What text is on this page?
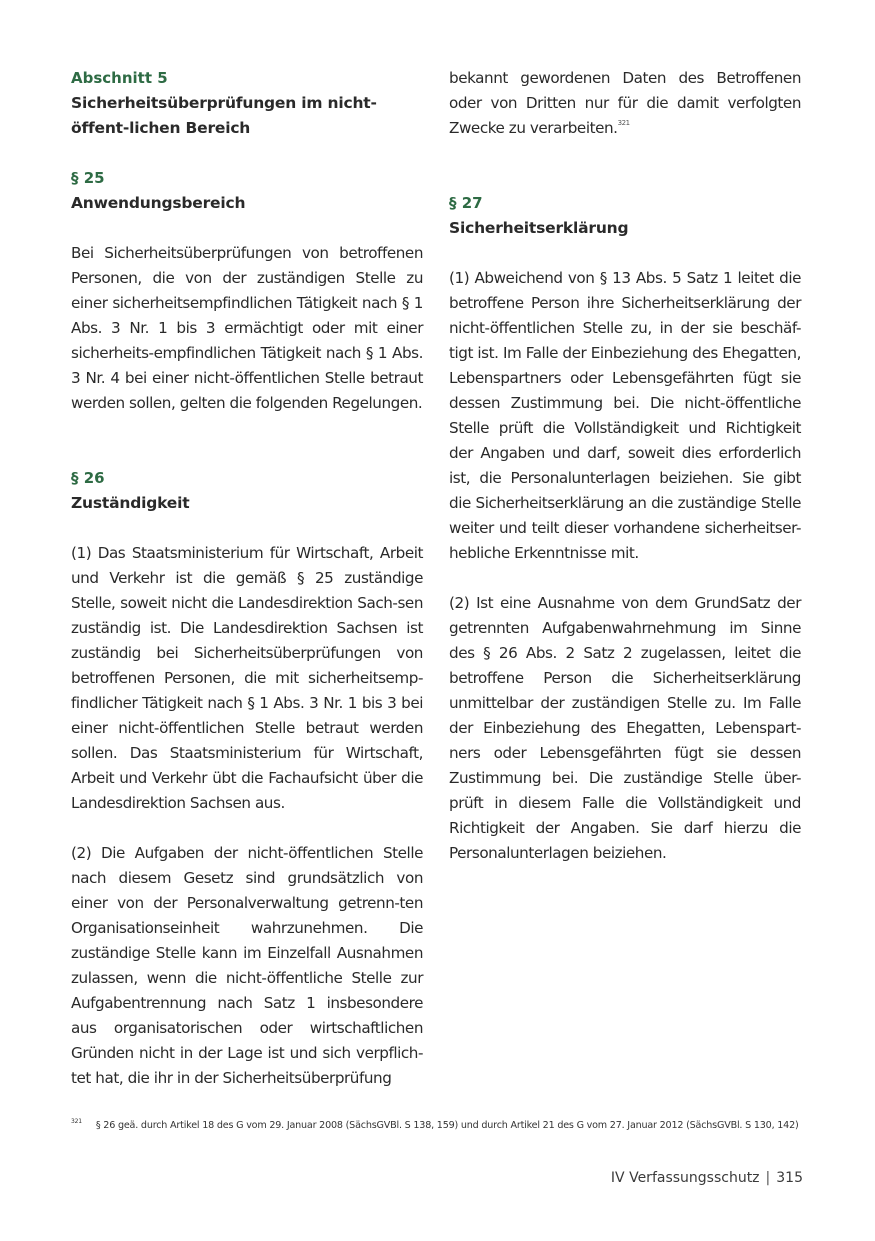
Abschnitt 5
Sicherheitsüberprüfungen im nicht-öffent-lichen Bereich
§ 25
Anwendungsbereich

Bei Sicherheitsüberprüfungen von betroffenen Personen, die von der zuständigen Stelle zu einer sicherheitsempfindlichen Tätigkeit nach § 1 Abs. 3 Nr. 1 bis 3 ermächtigt oder mit einer sicherheits-empfindlichen Tätigkeit nach § 1 Abs. 3 Nr. 4 bei einer nicht-öffentlichen Stelle betraut werden sollen, gelten die folgenden Regelungen.

§ 26
Zuständigkeit

(1) Das Staatsministerium für Wirtschaft, Arbeit und Verkehr ist die gemäß § 25 zuständige Stelle, soweit nicht die Landesdirektion Sach-sen zuständig ist. Die Landesdirektion Sachsen ist zuständig bei Sicherheitsüberprüfungen von betroffenen Personen, die mit sicherheitsemp-findlicher Tätigkeit nach § 1 Abs. 3 Nr. 1 bis 3 bei einer nicht-öffentlichen Stelle betraut werden sollen. Das Staatsministerium für Wirtschaft, Arbeit und Verkehr übt die Fachaufsicht über die Landesdirektion Sachsen aus.

(2) Die Aufgaben der nicht-öffentlichen Stelle nach diesem Gesetz sind grundsätzlich von einer von der Personalverwaltung getrenn-ten Organisationseinheit wahrzunehmen. Die zuständige Stelle kann im Einzelfall Ausnahmen zulassen, wenn die nicht-öffentliche Stelle zur Aufgabentrennung nach Satz 1 insbesondere aus organisatorischen oder wirtschaftlichen Gründen nicht in der Lage ist und sich verpflich-tet hat, die ihr in der Sicherheitsüberprüfung

bekannt gewordenen Daten des Betroffenen oder von Dritten nur für die damit verfolgten Zwecke zu verarbeiten.$^{321}$

§ 27
Sicherheitserklärung

(1) Abweichend von § 13 Abs. 5 Satz 1 leitet die betroffene Person ihre Sicherheitserklärung der nicht-öffentlichen Stelle zu, in der sie beschäf-tigt ist. Im Falle der Einbeziehung des Ehegatten, Lebenspartners oder Lebensgefährten fügt sie dessen Zustimmung bei. Die nicht-öffentliche Stelle prüft die Vollständigkeit und Richtigkeit der Angaben und darf, soweit dies erforderlich ist, die Personalunterlagen beiziehen. Sie gibt die Sicherheitserklärung an die zuständige Stelle weiter und teilt dieser vorhandene sicherheitser-hebliche Erkenntnisse mit.

(2) Ist eine Ausnahme von dem GrundSatz der getrennten Aufgabenwahrnehmung im Sinne des § 26 Abs. 2 Satz 2 zugelassen, leitet die betroffene Person die Sicherheitserklärung unmittelbar der zuständigen Stelle zu. Im Falle der Einbeziehung des Ehegatten, Lebenspart-ners oder Lebensgefährten fügt sie dessen Zustimmung bei. Die zuständige Stelle über-prüft in diesem Falle die Vollständigkeit und Richtigkeit der Angaben. Sie darf hierzu die Personalunterlagen beiziehen.

$^{321}$ § 26 geä. durch Artikel 18 des G vom 29. Januar 2008 (SächsGVBl. S 138, 159) und durch Artikel 21 des G vom 27. Januar 2012 (SächsGVBl. S 130, 142)
IV Verfassungsschutz | 315
